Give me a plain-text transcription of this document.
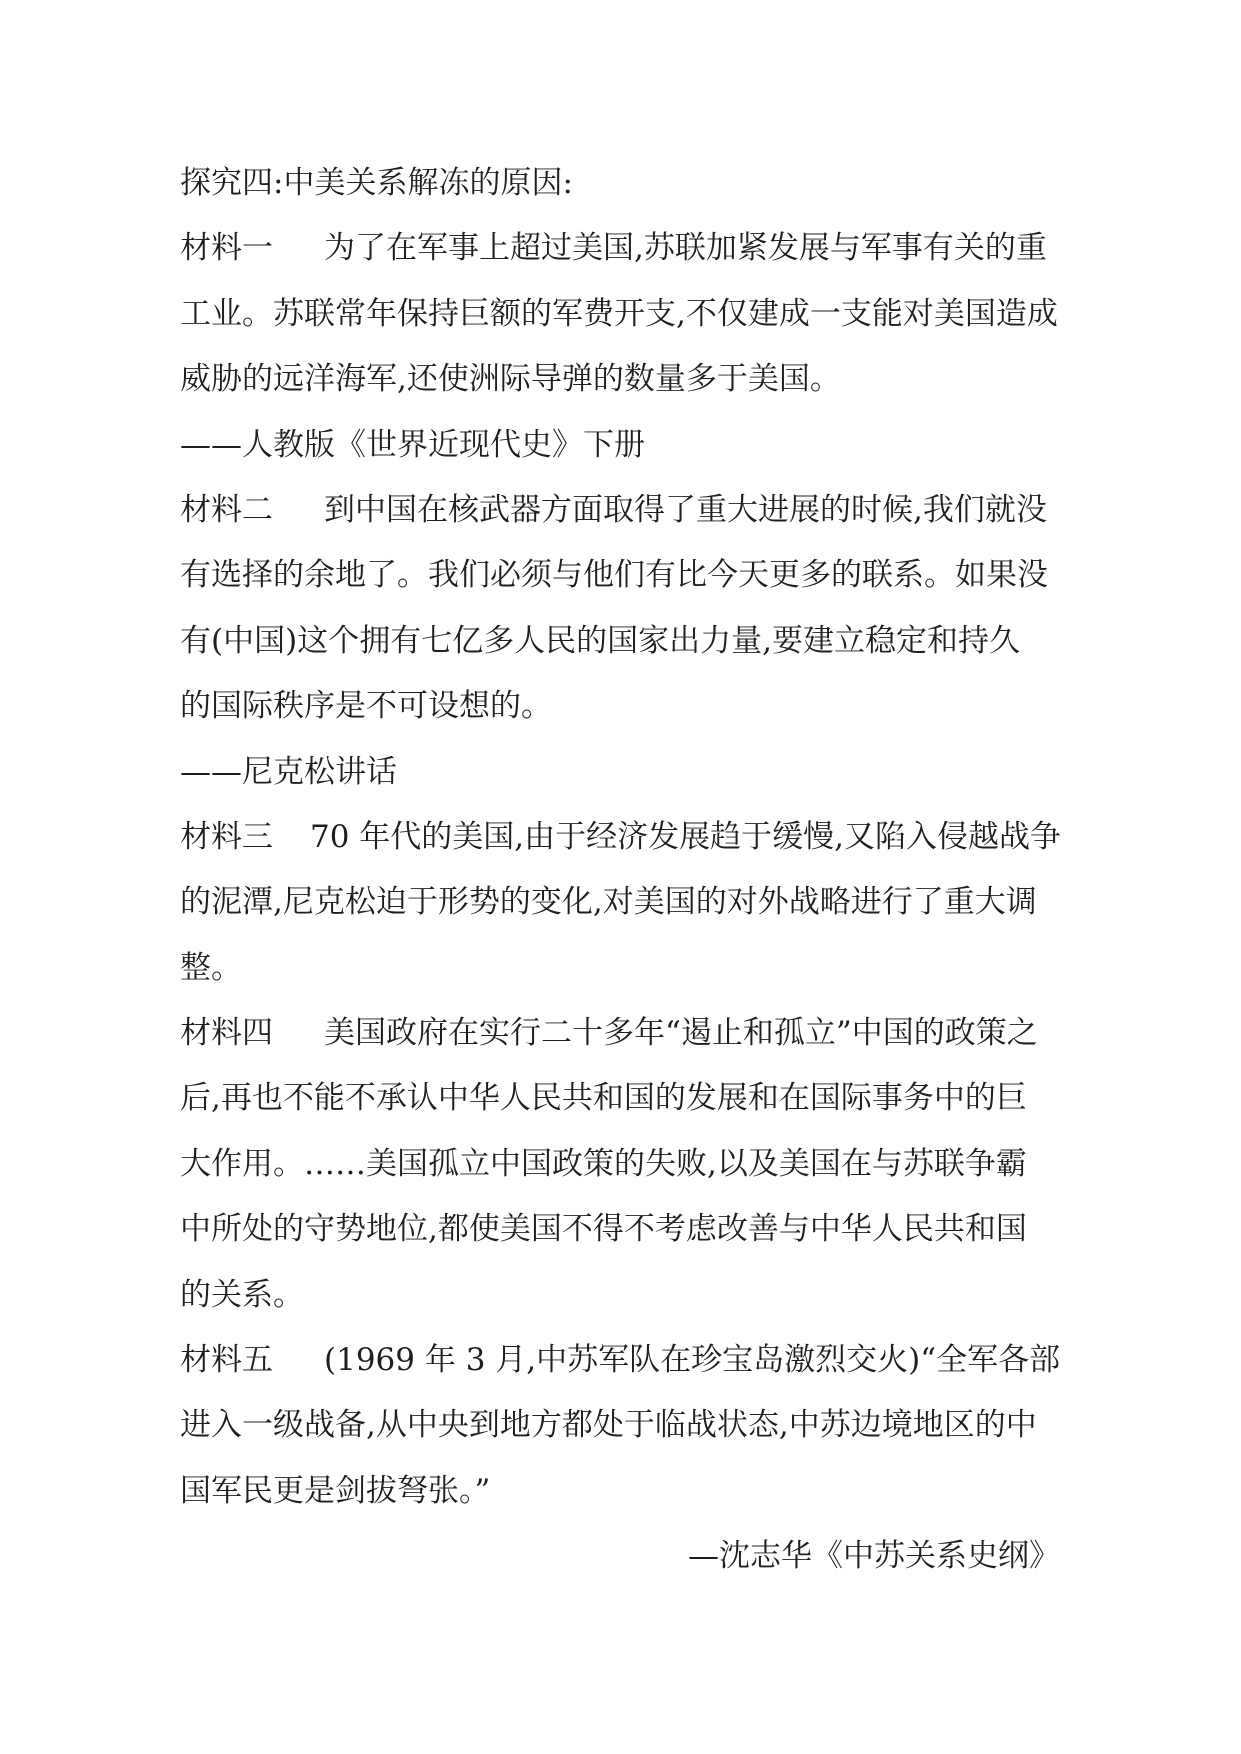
探究四:中美关系解冻的原因:
材料一 为了在军事上超过美国,苏联加紧发展与军事有关的重
工业。苏联常年保持巨额的军费开支,不仅建成一支能对美国造成
威胁的远洋海军,还使洲际导弹的数量多于美国。
——人教版《世界近现代史》下册
材料二 到中国在核武器方面取得了重大进展的时候,我们就没
有选择的余地了。我们必须与他们有比今天更多的联系。如果没
有(中国)这个拥有七亿多人民的国家出力量,要建立稳定和持久
的国际秩序是不可设想的。
——尼克松讲话
材料三 70 年代的美国,由于经济发展趋于缓慢,又陷入侵越战争
的泥潭,尼克松迫于形势的变化,对美国的对外战略进行了重大调
整。
材料四 美国政府在实行二十多年“遏止和孤立”中国的政策之
后,再也不能不承认中华人民共和国的发展和在国际事务中的巨
大作用。……美国孤立中国政策的失败,以及美国在与苏联争霸
中所处的守势地位,都使美国不得不考虑改善与中华人民共和国
的关系。
材料五 (1969 年 3 月,中苏军队在珍宝岛激烈交火)“全军各部
进入一级战备,从中央到地方都处于临战状态,中苏边境地区的中
国军民更是剑拔弩张。”
—沈志华《中苏关系史纲》
